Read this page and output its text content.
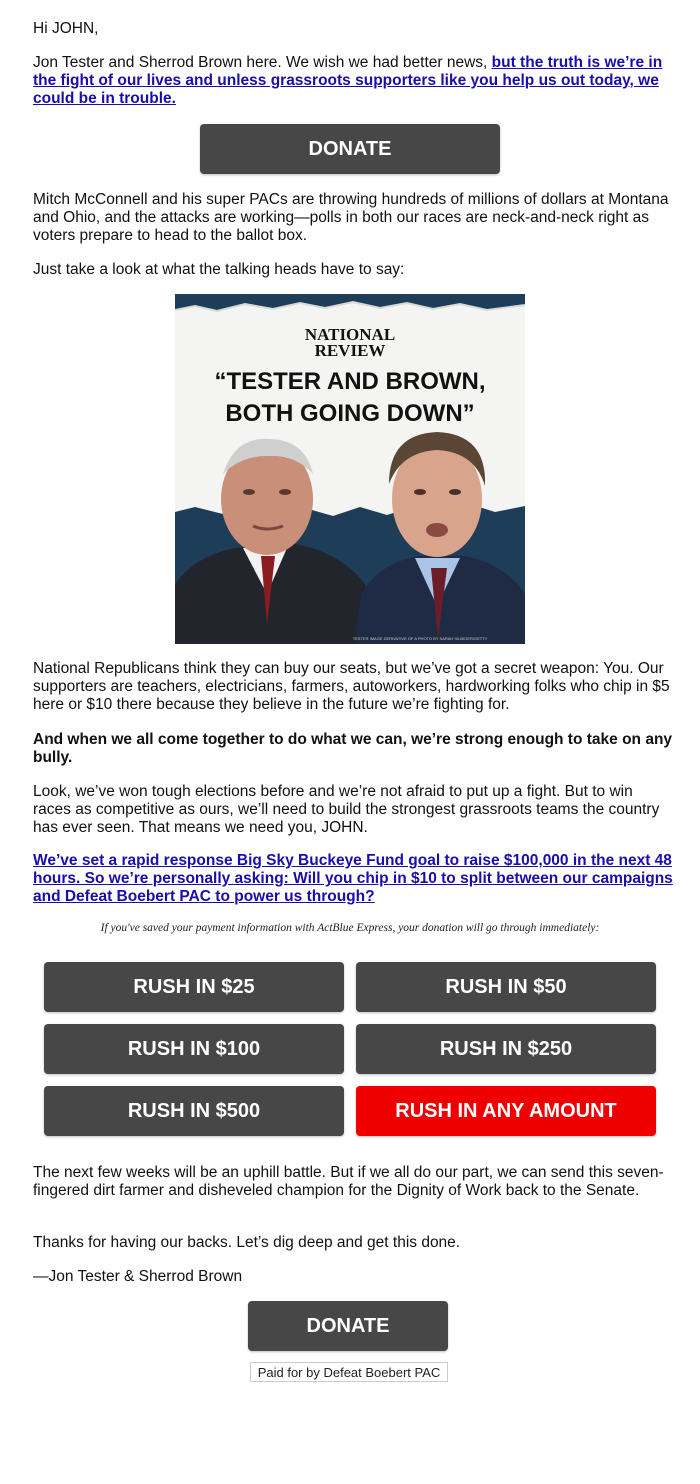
Hi JOHN,

Jon Tester and Sherrod Brown here. We wish we had better news, but the truth is we’re in the fight of our lives and unless grassroots supporters like you help us out today, we could be in trouble.

DONATE

Mitch McConnell and his super PACs are throwing hundreds of millions of dollars at Montana and Ohio, and the attacks are working—polls in both our races are neck-and-neck right as voters prepare to head to the ballot box.

Just take a look at what the talking heads have to say:

NATIONAL
REVIEW
“TESTER AND BROWN,
BOTH GOING DOWN”
TESTER IMAGE DERIVATIVE OF A PHOTO BY SARAH SILBIGER/GETTY

National Republicans think they can buy our seats, but we’ve got a secret weapon: You. Our supporters are teachers, electricians, farmers, autoworkers, hardworking folks who chip in $5 here or $10 there because they believe in the future we’re fighting for.

And when we all come together to do what we can, we’re strong enough to take on any bully.

Look, we’ve won tough elections before and we’re not afraid to put up a fight. But to win races as competitive as ours, we’ll need to build the strongest grassroots teams the country has ever seen. That means we need you, JOHN.

We’ve set a rapid response Big Sky Buckeye Fund goal to raise $100,000 in the next 48 hours. So we’re personally asking: Will you chip in $10 to split between our campaigns and Defeat Boebert PAC to power us through?

If you've saved your payment information with ActBlue Express, your donation will go through immediately:
RUSH IN $25	RUSH IN $50
RUSH IN $100	RUSH IN $250
RUSH IN $500	RUSH IN ANY AMOUNT

The next few weeks will be an uphill battle. But if we all do our part, we can send this seven-fingered dirt farmer and disheveled champion for the Dignity of Work back to the Senate.

Thanks for having our backs. Let’s dig deep and get this done.

—Jon Tester & Sherrod Brown

DONATE
Paid for by Defeat Boebert PAC
